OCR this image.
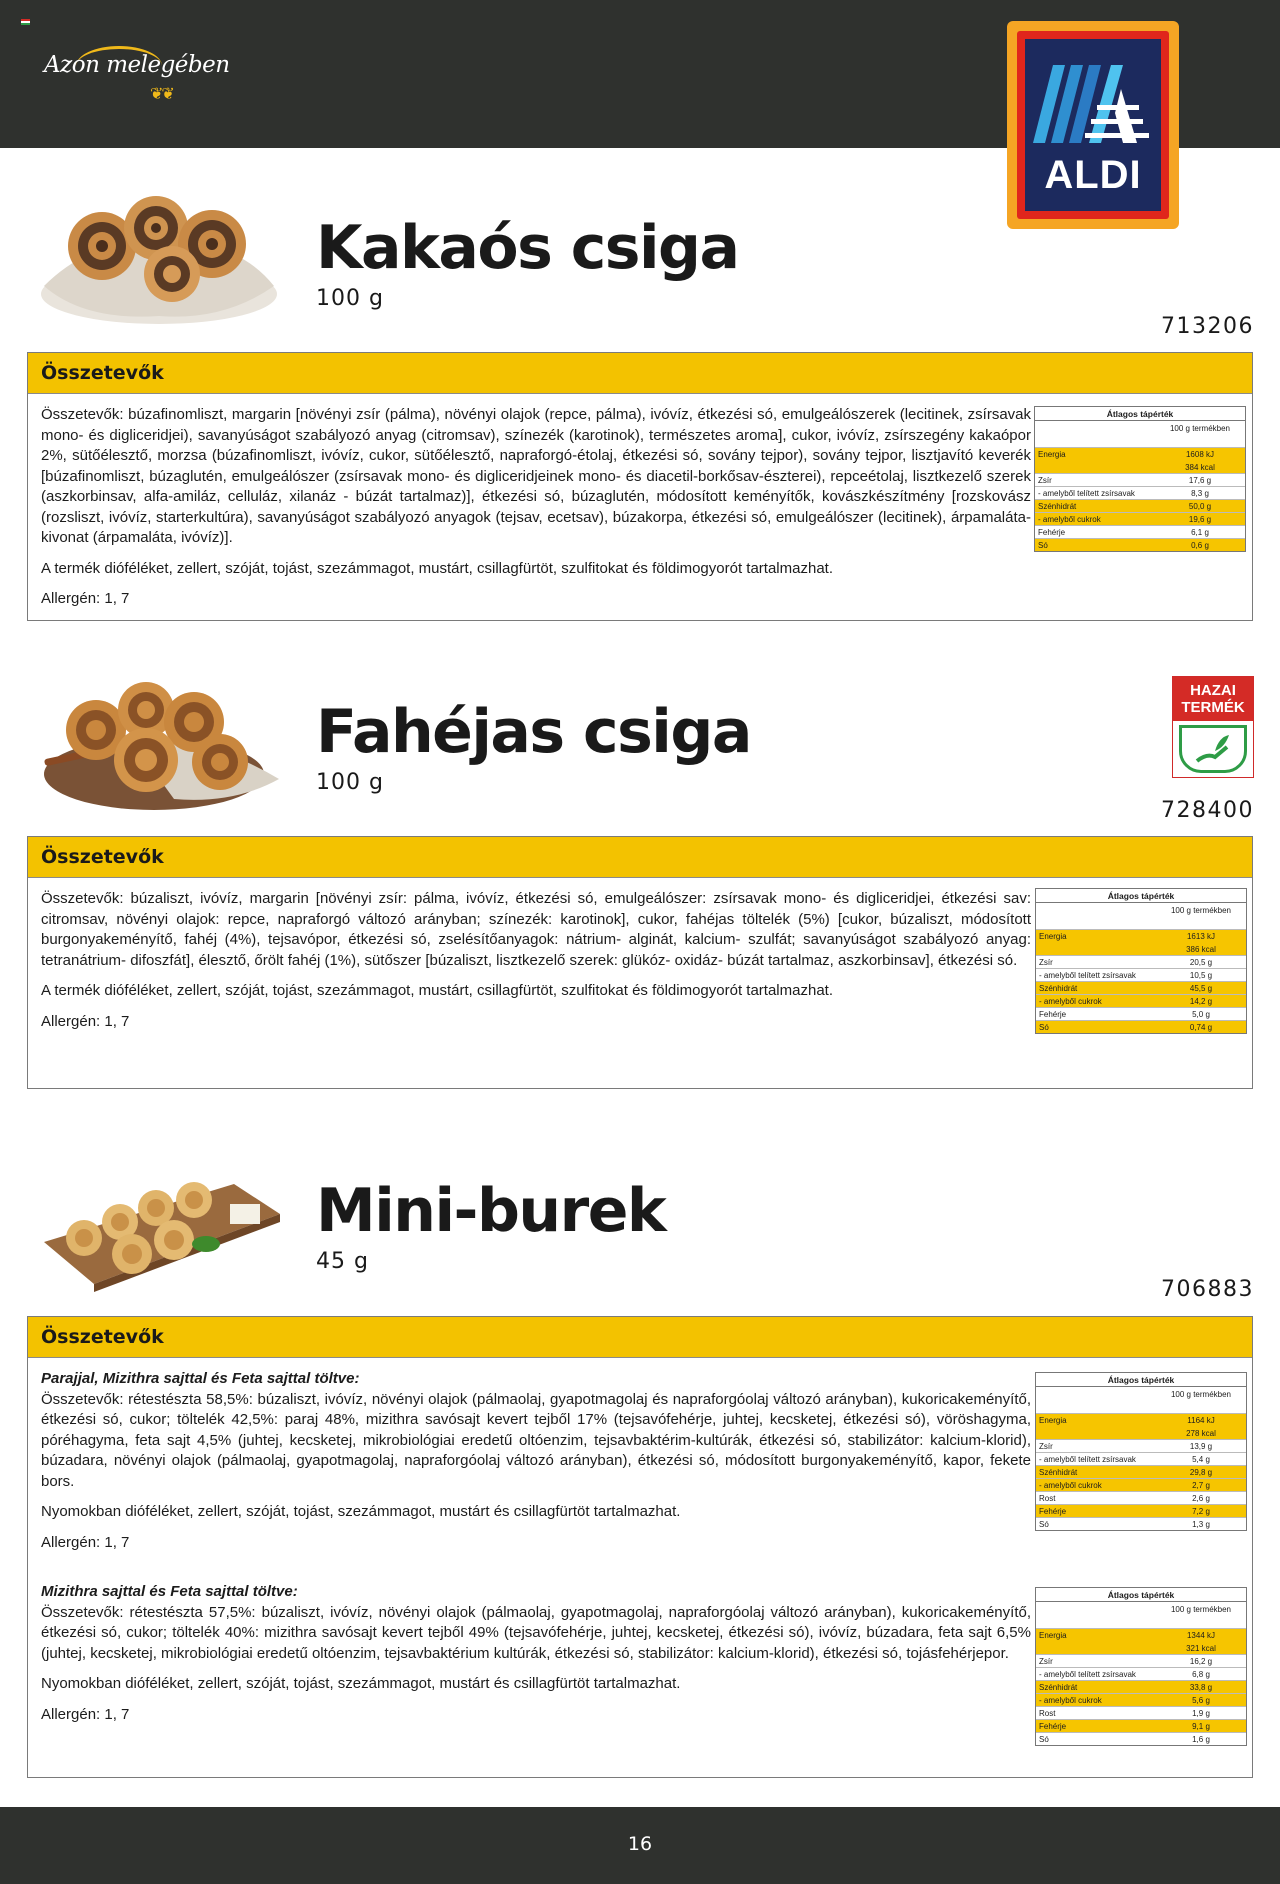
Azon melegében
❦❦
ALDI
Kakaós csiga
100 g
713206
Összetevők

Összetevők: búzafinomliszt, margarin [növényi zsír (pálma), növényi olajok (repce, pálma), ivóvíz, étkezési só, emulgeálószerek (lecitinek, zsírsavak mono- és digliceridjei), savanyúságot szabályozó anyag (citromsav), színezék (karotinok), természetes aroma], cukor, ivóvíz, zsírszegény kakaópor 2%, sütőélesztő, morzsa (búzafinomliszt, ivóvíz, cukor, sütőélesztő, napraforgó-étolaj, étkezési só, sovány tejpor), sovány tejpor, lisztjavító keverék [búzafinomliszt, búzaglutén, emulgeálószer (zsírsavak mono- és digliceridjeinek mono- és diacetil-borkősav-észterei), repceétolaj, lisztkezelő szerek (aszkorbinsav, alfa-amiláz, celluláz, xilanáz - búzát tartalmaz)], étkezési só, búzaglutén, módosított keményítők, kovászkészítmény [rozskovász (rozsliszt, ivóvíz, starterkultúra), savanyúságot szabályozó anyagok (tejsav, ecetsav), búzakorpa, étkezési só, emulgeálószer (lecitinek), árpamaláta-kivonat (árpamaláta, ivóvíz)].

A termék dióféléket, zellert, szóját, tojást, szezámmagot, mustárt, csillagfürtöt, szulfitokat és földimogyorót tartalmazhat.

Allergén: 1, 7

Átlagos tápérték
100 g termékben
Energia	1608 kJ
384 kcal
Zsír	17,6 g
- amelyből telített zsírsavak	8,3 g
Szénhidrát	50,0 g
- amelyből cukrok	19,6 g
Fehérje	6,1 g
Só	0,6 g
Fahéjas csiga
100 g
728400
HAZAI
TERMÉK
Összetevők

Összetevők: búzaliszt, ivóvíz, margarin [növényi zsír: pálma, ivóvíz, étkezési só, emulgeálószer: zsírsavak mono- és digliceridjei, étkezési sav: citromsav, növényi olajok: repce, napraforgó változó arányban; színezék: karotinok], cukor, fahéjas töltelék (5%) [cukor, búzaliszt, módosított burgonyakeményítő, fahéj (4%), tejsavópor, étkezési só, zselésítőanyagok: nátrium- alginát, kalcium- szulfát; savanyúságot szabályozó anyag: tetranátrium- difoszfát], élesztő, őrölt fahéj (1%), sütőszer [búzaliszt, lisztkezelő szerek: glükóz- oxidáz- búzát tartalmaz, aszkorbinsav], étkezési só.

A termék dióféléket, zellert, szóját, tojást, szezámmagot, mustárt, csillagfürtöt, szulfitokat és földimogyorót tartalmazhat.

Allergén: 1, 7

Átlagos tápérték
100 g termékben
Energia	1613 kJ
386 kcal
Zsír	20,5 g
- amelyből telített zsírsavak	10,5 g
Szénhidrát	45,5 g
- amelyből cukrok	14,2 g
Fehérje	5,0 g
Só	0,74 g
Mini-burek
45 g
706883
Összetevők
Parajjal, Mizithra sajttal és Feta sajttal töltve:

Összetevők: rétestészta 58,5%: búzaliszt, ivóvíz, növényi olajok (pálmaolaj, gyapotmagolaj és napraforgóolaj változó arányban), kukoricakeményítő, étkezési só, cukor; töltelék 42,5%: paraj 48%, mizithra savósajt kevert tejből 17% (tejsavófehérje, juhtej, kecsketej, étkezési só), vöröshagyma, póréhagyma, feta sajt 4,5% (juhtej, kecsketej, mikrobiológiai eredetű oltóenzim, tejsavbaktérim-kultúrák, étkezési só, stabilizátor: kalcium-klorid), búzadara, növényi olajok (pálmaolaj, gyapotmagolaj, napraforgóolaj változó arányban), étkezési só, módosított burgonyakeményítő, kapor, fekete bors.

Nyomokban dióféléket, zellert, szóját, tojást, szezámmagot, mustárt és csillagfürtöt tartalmazhat.

Allergén: 1, 7

Átlagos tápérték
100 g termékben
Energia	1164 kJ
278 kcal
Zsír	13,9 g
- amelyből telített zsírsavak	5,4 g
Szénhidrát	29,8 g
- amelyből cukrok	2,7 g
Rost	2,6 g
Fehérje	7,2 g
Só	1,3 g
Mizithra sajttal és Feta sajttal töltve:

Összetevők: rétestészta 57,5%: búzaliszt, ivóvíz, növényi olajok (pálmaolaj, gyapotmagolaj, napraforgóolaj változó arányban), kukoricakeményítő, étkezési só, cukor; töltelék 40%: mizithra savósajt kevert tejből 49% (tejsavófehérje, juhtej, kecsketej, étkezési só), ivóvíz, búzadara, feta sajt 6,5% (juhtej, kecsketej, mikrobiológiai eredetű oltóenzim, tejsavbaktérium kultúrák, étkezési só, stabilizátor: kalcium-klorid), étkezési só, tojásfehérjepor.

Nyomokban dióféléket, zellert, szóját, tojást, szezámmagot, mustárt és csillagfürtöt tartalmazhat.

Allergén: 1, 7

Átlagos tápérték
100 g termékben
Energia	1344 kJ
321 kcal
Zsír	16,2 g
- amelyből telített zsírsavak	6,8 g
Szénhidrát	33,8 g
- amelyből cukrok	5,6 g
Rost	1,9 g
Fehérje	9,1 g
Só	1,6 g
16
